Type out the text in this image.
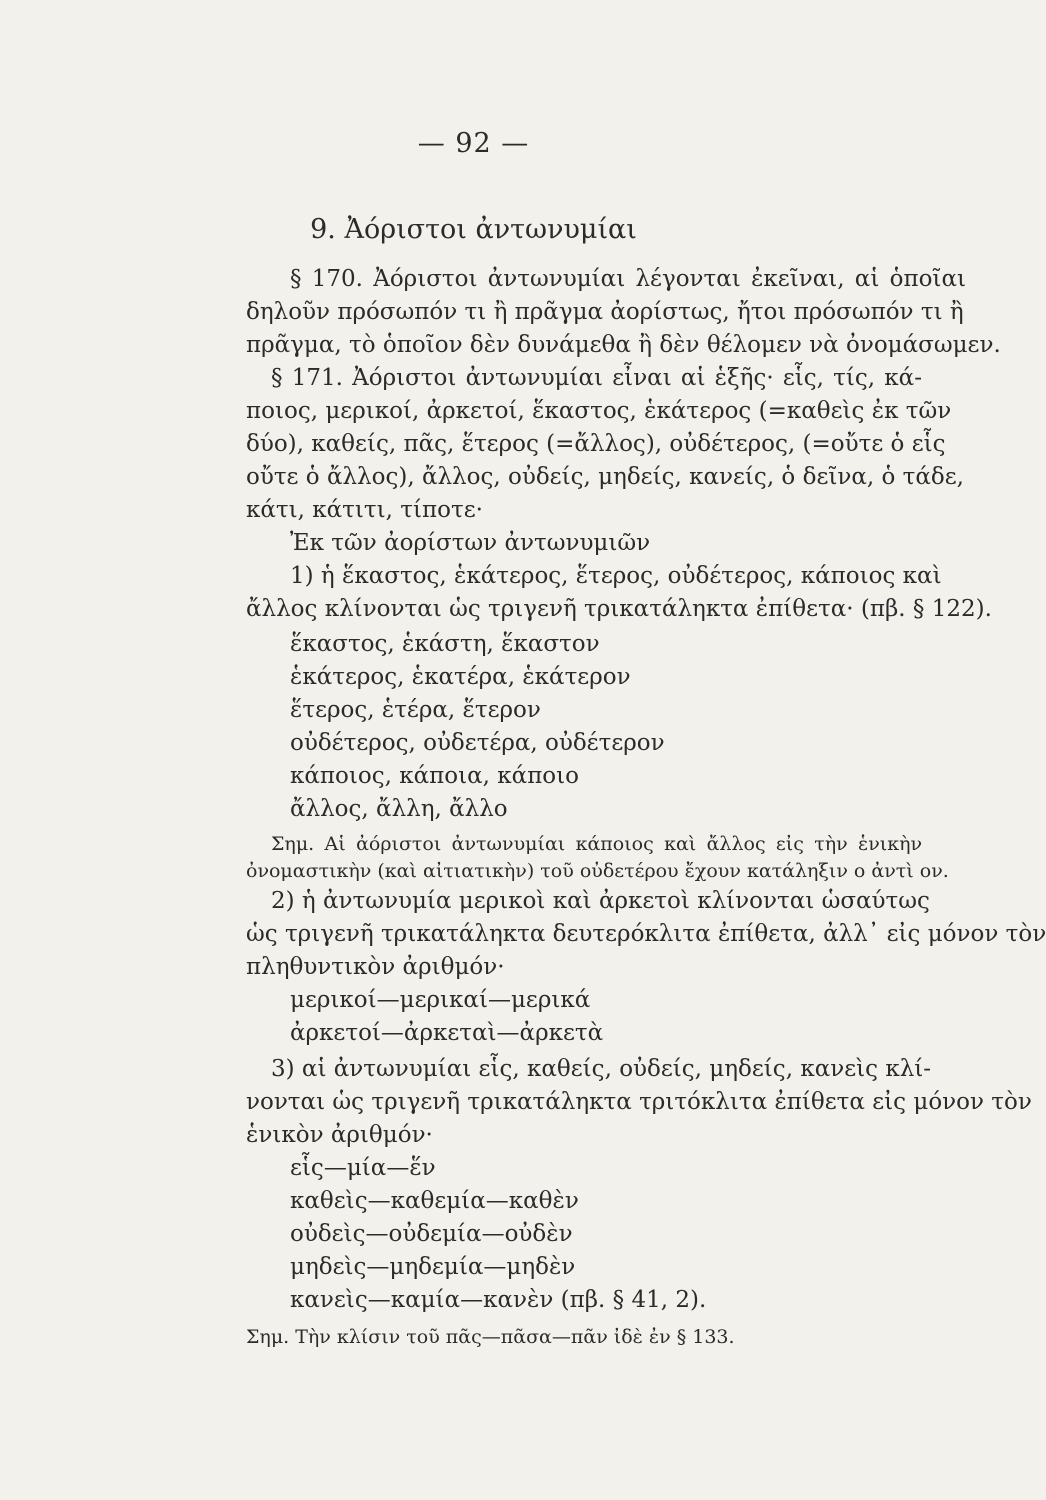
— 92 —
9. Ἀόριστοι ἀντωνυμίαι
§ 170. Ἀόριστοι ἀντωνυμίαι λέγονται ἐκεῖναι, αἱ ὁποῖαι
δηλοῦν πρόσωπόν τι ἢ πρᾶγμα ἀορίστως, ἤτοι πρόσωπόν τι ἢ
πρᾶγμα, τὸ ὁποῖον δὲν δυνάμεθα ἢ δὲν θέλομεν νὰ ὀνομάσωμεν.
§ 171. Ἀόριστοι ἀντωνυμίαι εἶναι αἱ ἑξῆς· εἷς, τίς, κά-
ποιος, μερικοί, ἀρκετοί, ἕκαστος, ἑκάτερος (=καθεὶς ἐκ τῶν
δύο), καθείς, πᾶς, ἕτερος (=ἄλλος), οὐδέτερος, (=οὔτε ὁ εἷς
οὔτε ὁ ἄλλος), ἄλλος, οὐδείς, μηδείς, κανείς, ὁ δεῖνα, ὁ τάδε,
κάτι, κάτιτι, τίποτε·
Ἐκ τῶν ἀορίστων ἀντωνυμιῶν
1) ἡ ἕκαστος, ἑκάτερος, ἕτερος, οὐδέτερος, κάποιος καὶ
ἄλλος κλίνονται ὡς τριγενῆ τρικατάληκτα ἐπίθετα· (πβ. § 122).
ἕκαστος, ἑκάστη, ἕκαστον
ἑκάτερος, ἑκατέρα, ἑκάτερον
ἕτερος, ἑτέρα, ἕτερον
οὐδέτερος, οὐδετέρα, οὐδέτερον
κάποιος, κάποια, κάποιο
ἄλλος, ἄλλη, ἄλλο
Σημ. Αἱ ἀόριστοι ἀντωνυμίαι κάποιος καὶ ἄλλος εἰς τὴν ἑνικὴν
ὀνομαστικὴν (καὶ αἰτιατικὴν) τοῦ οὐδετέρου ἔχουν κατάληξιν ο ἀντὶ ον.
2) ἡ ἀντωνυμία μερικοὶ καὶ ἀρκετοὶ κλίνονται ὡσαύτως
ὡς τριγενῆ τρικατάληκτα δευτερόκλιτα ἐπίθετα, ἀλλ᾿ εἰς μόνον τὸν
πληθυντικὸν ἀριθμόν·
μερικοί—μερικαί—μερικά
ἀρκετοί—ἀρκεταὶ—ἀρκετὰ
3) αἱ ἀντωνυμίαι εἷς, καθείς, οὐδείς, μηδείς, κανεὶς κλί-
νονται ὡς τριγενῆ τρικατάληκτα τριτόκλιτα ἐπίθετα εἰς μόνον τὸν
ἑνικὸν ἀριθμόν·
εἷς—μία—ἕν
καθεὶς—καθεμία—καθὲν
οὐδεὶς—οὐδεμία—οὐδὲν
μηδεὶς—μηδεμία—μηδὲν
κανεὶς—καμία—κανὲν (πβ. § 41, 2).
Σημ. Τὴν κλίσιν τοῦ πᾶς—πᾶσα—πᾶν ἰδὲ ἐν § 133.
